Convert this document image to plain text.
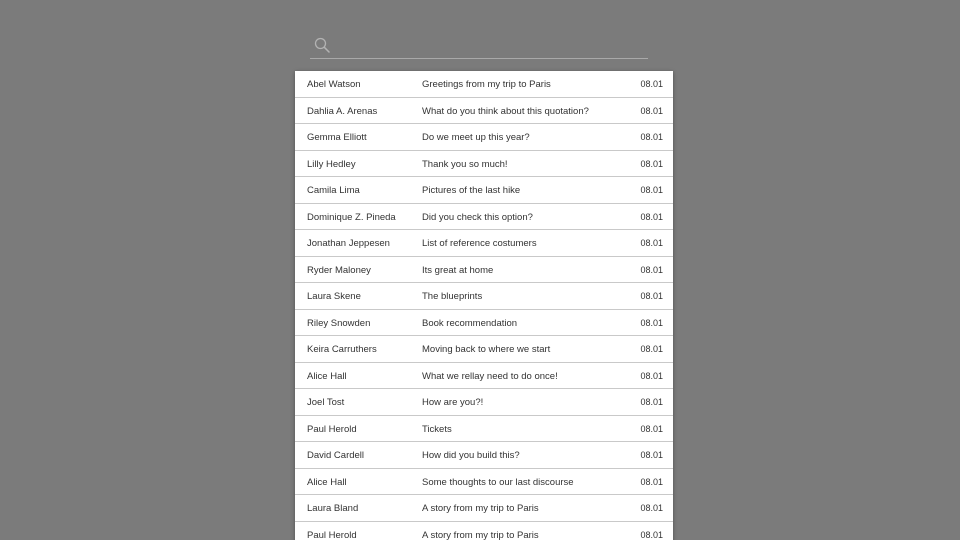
Abel Watson	Greetings from my trip to Paris	08.01
Dahlia A. Arenas	What do you think about this quotation?	08.01
Gemma Elliott	Do we meet up this year?	08.01
Lilly Hedley	Thank you so much!	08.01
Camila Lima	Pictures of the last hike	08.01
Dominique Z. Pineda	Did you check this option?	08.01
Jonathan Jeppesen	List of reference costumers	08.01
Ryder Maloney	Its great at home	08.01
Laura Skene	The blueprints	08.01
Riley Snowden	Book recommendation	08.01
Keira Carruthers	Moving back to where we start	08.01
Alice Hall	What we rellay need to do once!	08.01
Joel Tost	How are you?!	08.01
Paul Herold	Tickets	08.01
David Cardell	How did you build this?	08.01
Alice Hall	Some thoughts to our last discourse	08.01
Laura Bland	A story from my trip to Paris	08.01
Paul Herold	A story from my trip to Paris	08.01
